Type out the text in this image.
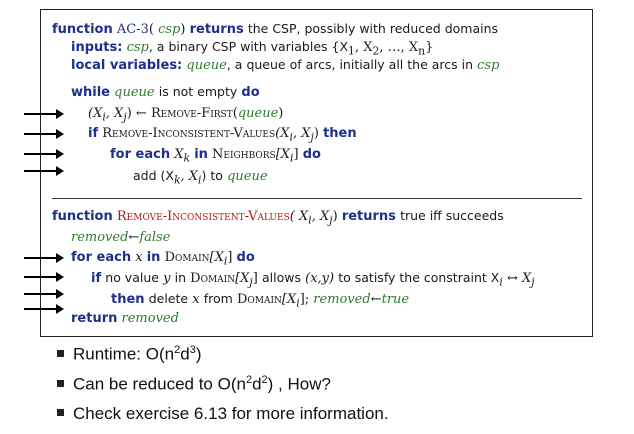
function AC-3( csp) returns the CSP, possibly with reduced domains
inputs: csp, a binary CSP with variables {$X_1$, $X_2$, …, $X_n$}
local variables: queue, a queue of arcs, initially all the arcs in csp
while queue is not empty do
($X_i$, $X_j$) ← Remove-First(queue)
if Remove-$Inconsistent-Values(X_i$, $X_j$) then
for each $X_k$ in $Neighbors[X_i]$ do
add ($X_k$, $X_i$) to queue
function Remove-Inconsistent-Values( $X_i$, $X_j$) returns true iff succeeds
removed←false
for each x in $Domain[X_i]$ do
if no value y in $Domain[X_j]$ allows (x,y) to satisfy the constraint $X_i$ ↔ $X_j$
then delete x from $Domain[X_i]$; removed←true
return removed
Runtime: $O(n^2d^3)$
Can be reduced to $O(n^2d^2)$ , How?
Check exercise 6.13 for more information.
